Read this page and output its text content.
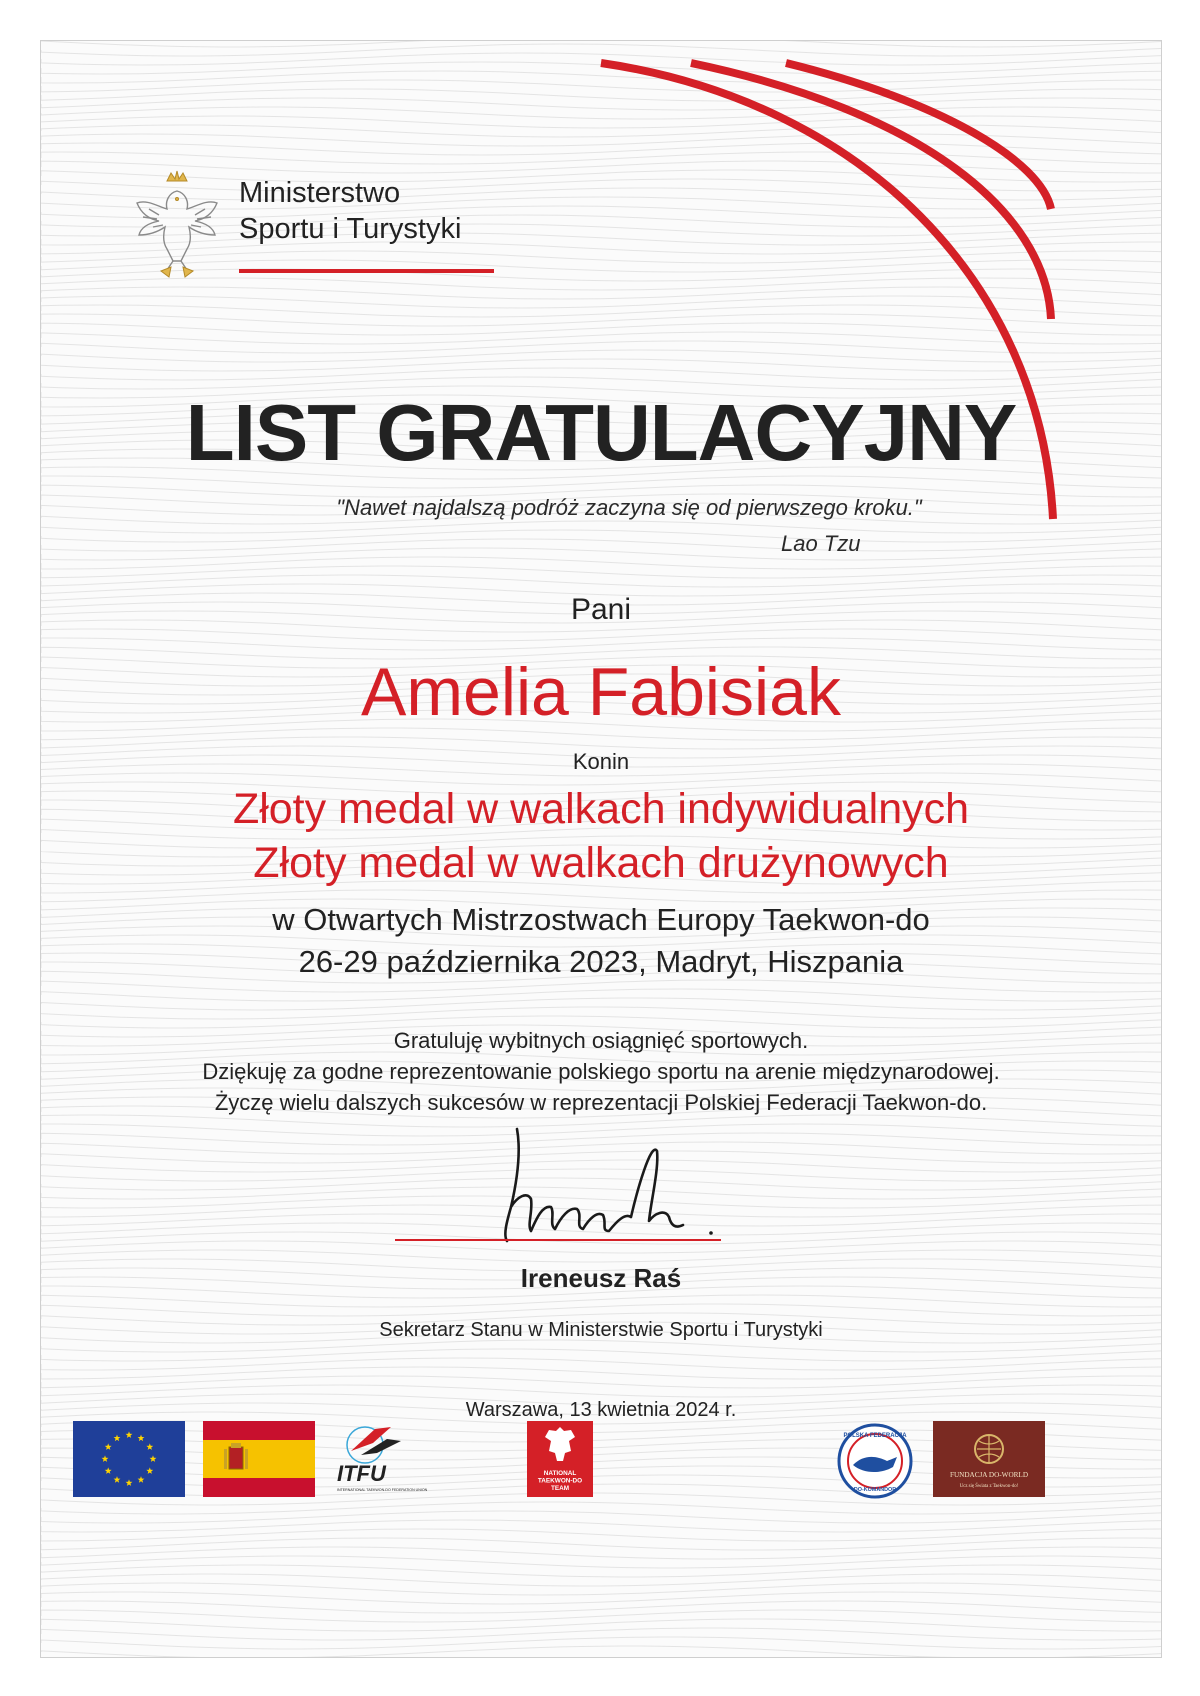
Ministerstwo
Sportu i Turystyki
LIST GRATULACYJNY
"Nawet najdalszą podróż zaczyna się od pierwszego kroku."
Lao Tzu
Pani
Amelia Fabisiak
Konin
Złoty medal w walkach indywidualnych
Złoty medal w walkach drużynowych
w Otwartych Mistrzostwach Europy Taekwon-do
26-29 października 2023, Madryt, Hiszpania
Gratuluję wybitnych osiągnięć sportowych.
Dziękuję za godne reprezentowanie polskiego sportu na arenie międzynarodowej.
Życzę wielu dalszych sukcesów w reprezentacji Polskiej Federacji Taekwon-do.
Ireneusz Raś
Sekretarz Stanu w Ministerstwie Sportu i Turystyki
Warszawa, 13 kwietnia 2024 r.
ITFU
INTERNATIONAL TAEKWON-DO FEDERATION UNION
NATIONAL TAEKWON-DO TEAM
POLSKA FEDERACJA
DO-KOMANDOR
FUNDACJA DO-WORLD
Ucz się Świata z Taekwon-do!
